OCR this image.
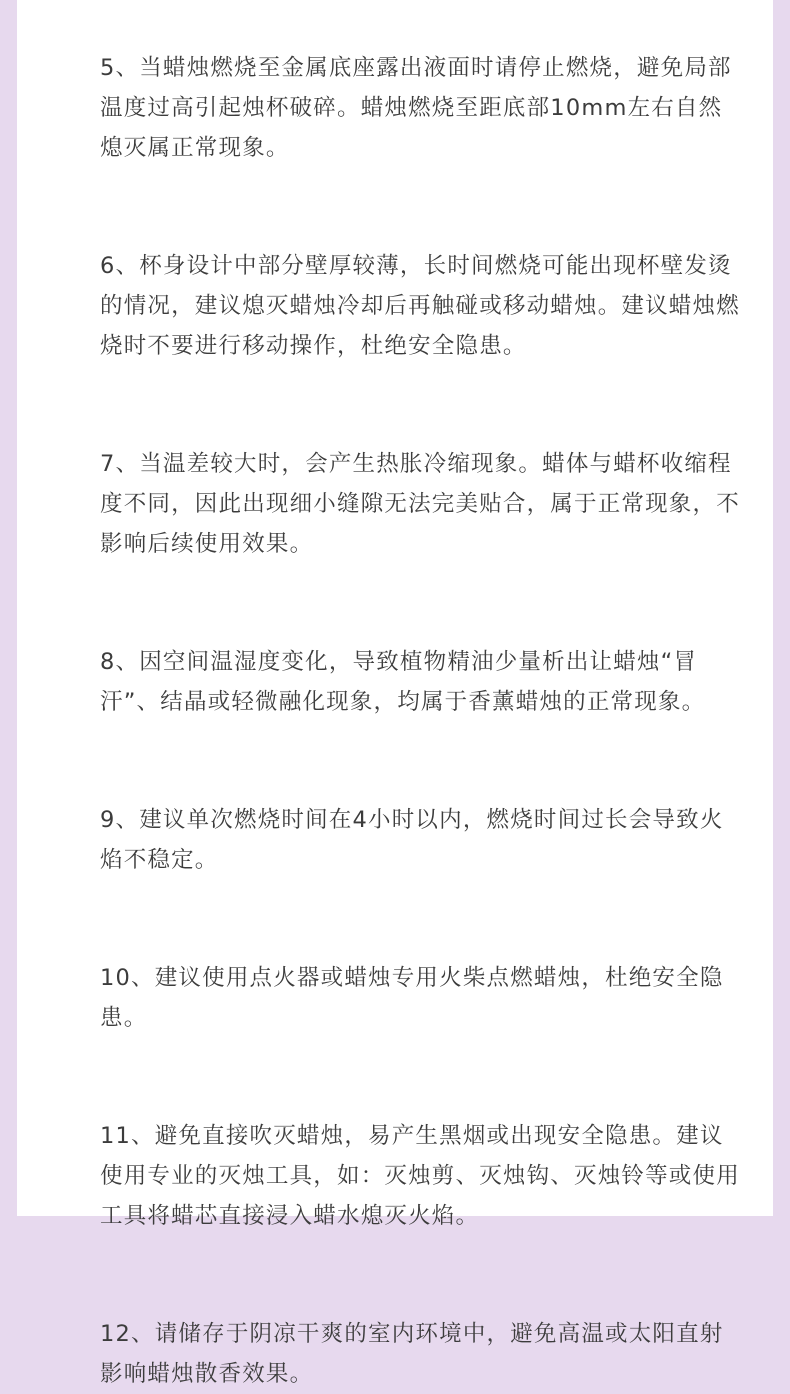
5、当蜡烛燃烧至金属底座露出液面时请停止燃烧，避免局部温度过高引起烛杯破碎。蜡烛燃烧至距底部10mm左右自然熄灭属正常现象。

6、杯身设计中部分壁厚较薄，长时间燃烧可能出现杯壁发烫的情况，建议熄灭蜡烛冷却后再触碰或移动蜡烛。建议蜡烛燃烧时不要进行移动操作，杜绝安全隐患。

7、当温差较大时，会产生热胀冷缩现象。蜡体与蜡杯收缩程度不同，因此出现细小缝隙无法完美贴合，属于正常现象，不影响后续使用效果。

8、因空间温湿度变化，导致植物精油少量析出让蜡烛“冒汗”、结晶或轻微融化现象，均属于香薰蜡烛的正常现象。

9、建议单次燃烧时间在4小时以内，燃烧时间过长会导致火焰不稳定。

10、建议使用点火器或蜡烛专用火柴点燃蜡烛，杜绝安全隐患。

11、避免直接吹灭蜡烛，易产生黑烟或出现安全隐患。建议使用专业的灭烛工具，如：灭烛剪、灭烛钩、灭烛铃等或使用工具将蜡芯直接浸入蜡水熄灭火焰。

12、请储存于阴凉干爽的室内环境中，避免高温或太阳直射影响蜡烛散香效果。
